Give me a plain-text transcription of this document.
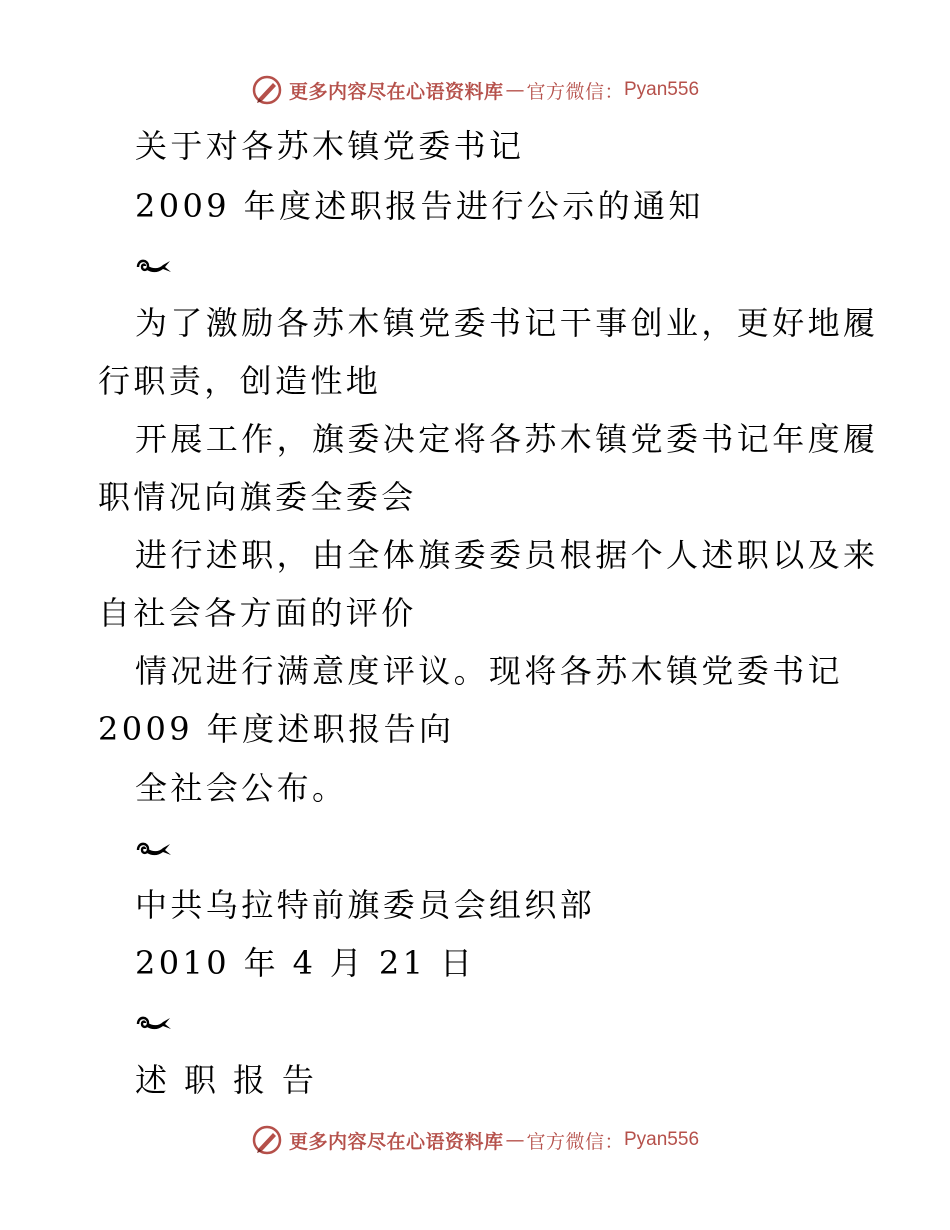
更多内容尽在心语资料库 — 官方微信： Pyan556
关于对各苏木镇党委书记
2009 年度述职报告进行公示的通知
为了激励各苏木镇党委书记干事创业，更好地履
行职责，创造性地
开展工作，旗委决定将各苏木镇党委书记年度履
职情况向旗委全委会
进行述职，由全体旗委委员根据个人述职以及来
自社会各方面的评价
情况进行满意度评议。现将各苏木镇党委书记
2009 年度述职报告向
全社会公布。
中共乌拉特前旗委员会组织部
2010 年 4 月 21 日
述 职 报 告
更多内容尽在心语资料库 — 官方微信： Pyan556
